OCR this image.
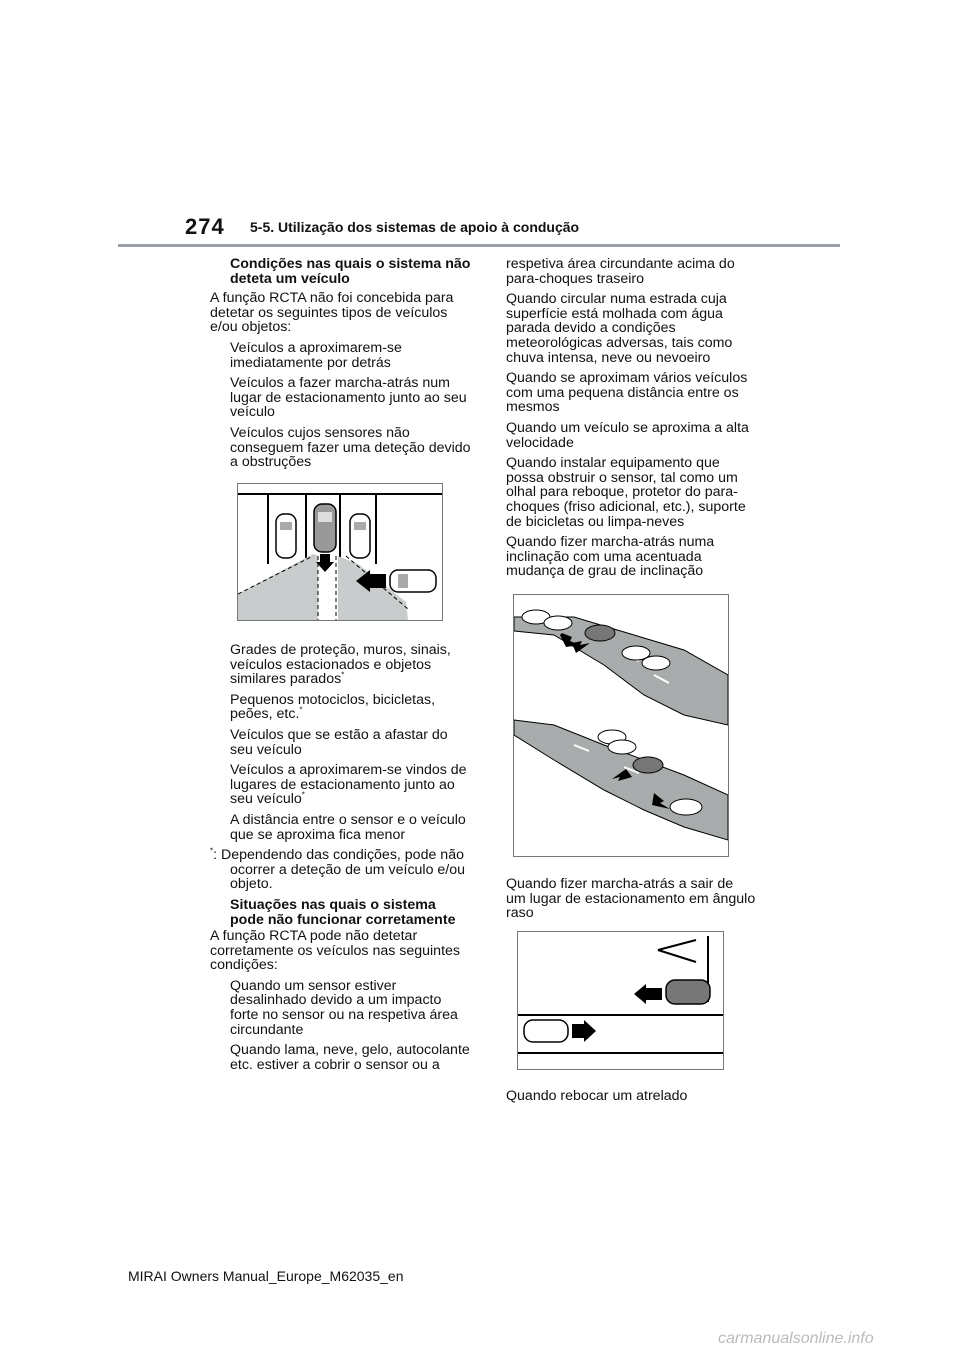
274 5-5. Utilização dos sistemas de apoio à condução

Condições nas quais o sistema não deteta um veículo

A função RCTA não foi concebida para detetar os seguintes tipos de veículos e/ou objetos:

Veículos a aproximarem-se imediatamente por detrás

Veículos a fazer marcha-atrás num lugar de estacionamento junto ao seu veículo

Veículos cujos sensores não conseguem fazer uma deteção devido a obstruções

Grades de proteção, muros, sinais, veículos estacionados e objetos similares parados*

Pequenos motociclos, bicicletas, peões, etc.*

Veículos que se estão a afastar do seu veículo

Veículos a aproximarem-se vindos de lugares de estacionamento junto ao seu veículo*

A distância entre o sensor e o veículo que se aproxima fica menor

*: Dependendo das condições, pode não ocorrer a deteção de um veículo e/ou objeto.

Situações nas quais o sistema pode não funcionar corretamente

A função RCTA pode não detetar corretamente os veículos nas seguintes condições:

Quando um sensor estiver desalinhado devido a um impacto forte no sensor ou na respetiva área circundante

Quando lama, neve, gelo, autocolante etc. estiver a cobrir o sensor ou a

respetiva área circundante acima do para-choques traseiro

Quando circular numa estrada cuja superfície está molhada com água parada devido a condições meteorológicas adversas, tais como chuva intensa, neve ou nevoeiro

Quando se aproximam vários veículos com uma pequena distância entre os mesmos

Quando um veículo se aproxima a alta velocidade

Quando instalar equipamento que possa obstruir o sensor, tal como um olhal para reboque, protetor do para-choques (friso adicional, etc.), suporte de bicicletas ou limpa-neves

Quando fizer marcha-atrás numa inclinação com uma acentuada mudança de grau de inclinação

Quando fizer marcha-atrás a sair de um lugar de estacionamento em ângulo raso

Quando rebocar um atrelado

MIRAI Owners Manual_Europe_M62035_en
carmanualsonline.info
